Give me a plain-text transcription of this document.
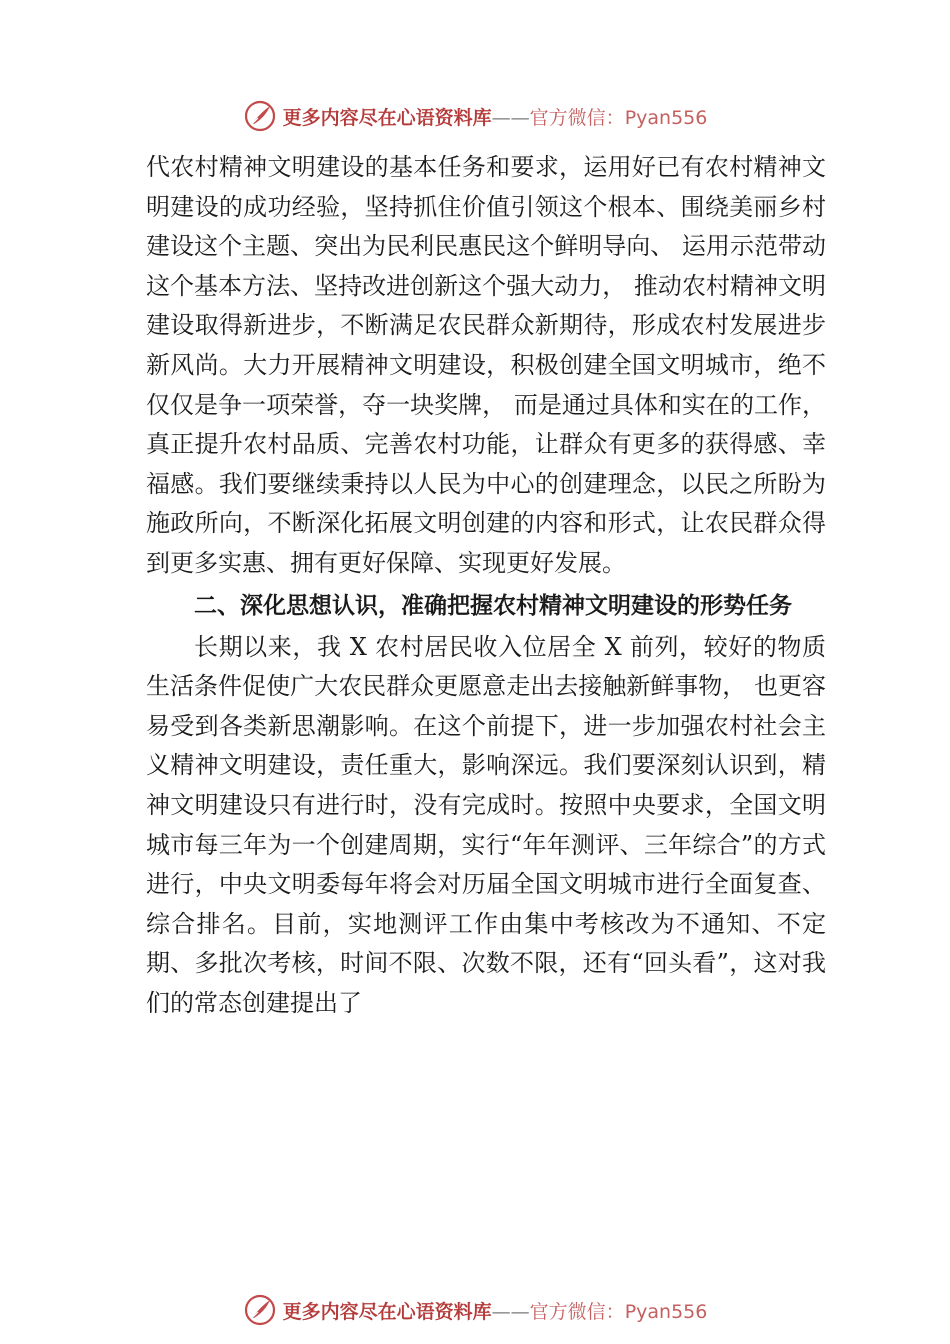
更多内容尽在心语资料库——官方微信：Pyan556

代农村精神文明建设的基本任务和要求，运用好已有农村精神文明建设的成功经验，坚持抓住价值引领这个根本、围绕美丽乡村建设这个主题、突出为民利民惠民这个鲜明导向、 运用示范带动这个基本方法、坚持改进创新这个强大动力， 推动农村精神文明建设取得新进步，不断满足农民群众新期待，形成农村发展进步新风尚。大力开展精神文明建设，积极创建全国文明城市，绝不仅仅是争一项荣誉，夺一块奖牌， 而是通过具体和实在的工作，真正提升农村品质、完善农村功能，让群众有更多的获得感、幸福感。我们要继续秉持以人民为中心的创建理念，以民之所盼为施政所向，不断深化拓展文明创建的内容和形式，让农民群众得到更多实惠、拥有更好保障、实现更好发展。

二、深化思想认识，准确把握农村精神文明建设的形势任务

长期以来，我 X 农村居民收入位居全 X 前列，较好的物质生活条件促使广大农民群众更愿意走出去接触新鲜事物， 也更容易受到各类新思潮影响。在这个前提下，进一步加强农村社会主义精神文明建设，责任重大，影响深远。我们要深刻认识到，精神文明建设只有进行时，没有完成时。按照中央要求，全国文明城市每三年为一个创建周期，实行“年年测评、三年综合”的方式进行，中央文明委每年将会对历届全国文明城市进行全面复查、综合排名。目前，实地测评工作由集中考核改为不通知、不定期、多批次考核，时间不限、次数不限，还有“回头看”，这对我们的常态创建提出了

更多内容尽在心语资料库——官方微信：Pyan556
